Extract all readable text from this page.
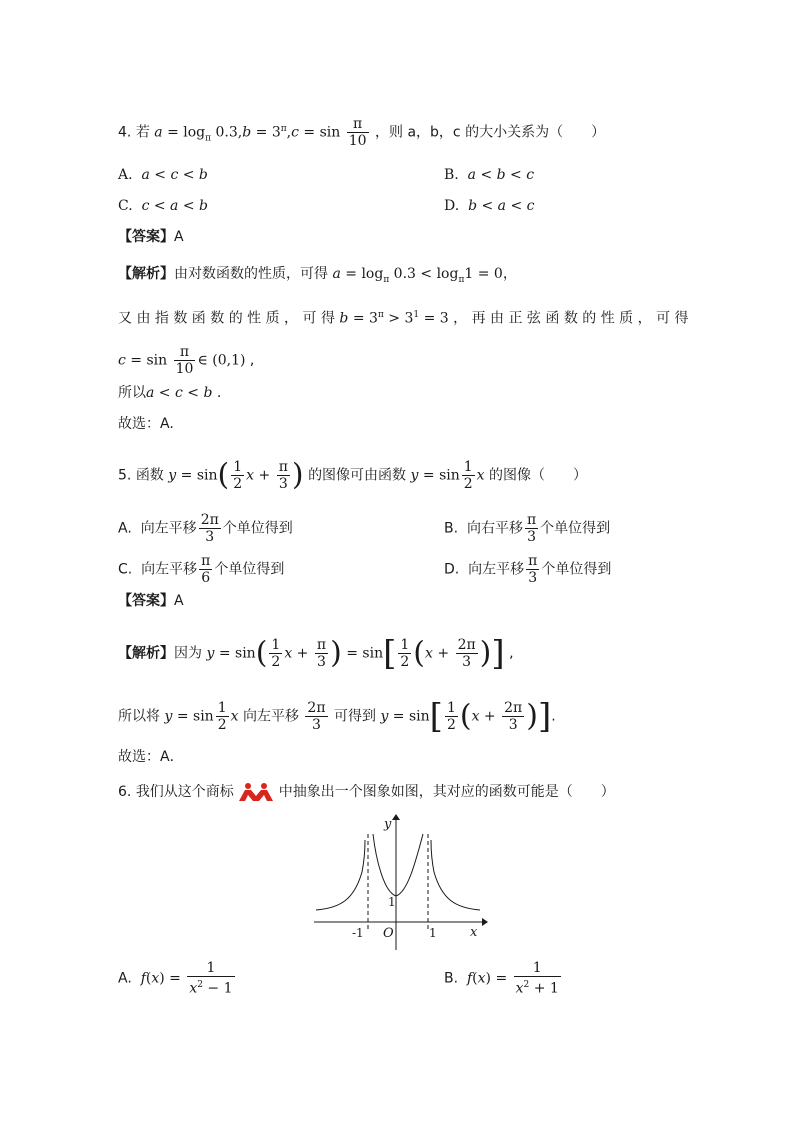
4. 若 $a = \log_\pi 0.3,b = 3^\pi,c = \sin \frac{\pi}{10}$ ，则 a，b，c 的大小关系为（　　）
A. a < c < b	B. a < b < c
C. c < a < b	D. b < a < c
【答案】A
【解析】由对数函数的性质，可得 $a = \log_\pi 0.3 < \log_\pi 1 = 0$，
又 由 指 数 函 数 的 性 质 ， 可 得 $b = 3^\pi > 3^1 = 3$ ， 再 由 正 弦 函 数 的 性 质 ， 可 得
$c = \sin \frac{\pi}{10}$ ∈ (0,1) ,
所以a < c < b .
故选：A.
5. 函数 $y = \sin( \frac{1}{2}$ $x + \frac{\pi}{3}$ ) 的图像可由函数 $y = \sin \frac{1}{2}$ x 的图像（　　）
A. 向左平移 $\frac{2\pi}{3}$ 个单位得到	B. 向右平移 $\frac{\pi}{3}$ 个单位得到
C. 向左平移 $\frac{\pi}{6}$ 个单位得到	D. 向左平移 $\frac{\pi}{3}$ 个单位得到
【答案】A
【解析】因为 $y = \sin( \frac{1}{2}$ $x + \frac{\pi}{3}$ ) = $\sin[ \frac{1}{2} (x + \frac{2\pi}{3}$ )] ,
所以将 $y = \sin \frac{1}{2}$ x 向左平移 $\frac{2\pi}{3}$ 可得到 $y = \sin[ \frac{1}{2} (x + \frac{2\pi}{3}$ )].
故选：A．
6. 我们从这个商标	中抽象出一个图象如图，其对应的函数可能是（　　）
y
x
O
-1	1
1
A. $f(x) = \frac{1}{x^2 - 1}$	B. $f(x) = \frac{1}{x^2 + 1}$
